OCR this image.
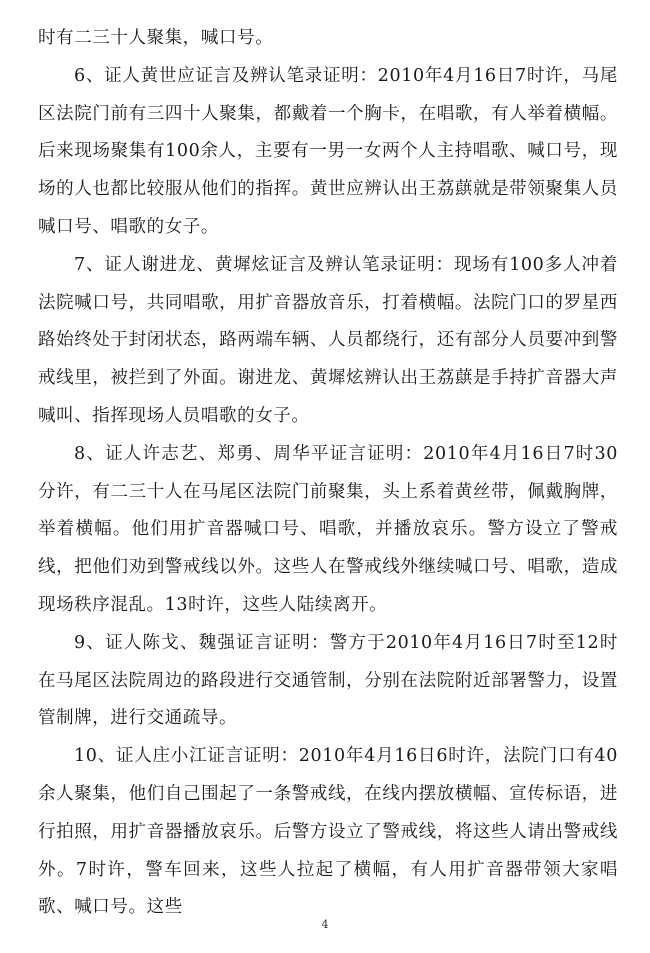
时有二三十人聚集，喊口号。

6、证人黄世应证言及辨认笔录证明：2010年4月16日7时许，马尾区法院门前有三四十人聚集，都戴着一个胸卡，在唱歌，有人举着横幅。后来现场聚集有100余人，主要有一男一女两个人主持唱歌、喊口号，现场的人也都比较服从他们的指挥。黄世应辨认出王荔蕻就是带领聚集人员喊口号、唱歌的女子。

7、证人谢进龙、黄墀炫证言及辨认笔录证明：现场有100多人冲着法院喊口号，共同唱歌，用扩音器放音乐，打着横幅。法院门口的罗星西路始终处于封闭状态，路两端车辆、人员都绕行，还有部分人员要冲到警戒线里，被拦到了外面。谢进龙、黄墀炫辨认出王荔蕻是手持扩音器大声喊叫、指挥现场人员唱歌的女子。

8、证人许志艺、郑勇、周华平证言证明：2010年4月16日7时30分许，有二三十人在马尾区法院门前聚集，头上系着黄丝带，佩戴胸牌，举着横幅。他们用扩音器喊口号、唱歌，并播放哀乐。警方设立了警戒线，把他们劝到警戒线以外。这些人在警戒线外继续喊口号、唱歌，造成现场秩序混乱。13时许，这些人陆续离开。

9、证人陈戈、魏强证言证明：警方于2010年4月16日7时至12时在马尾区法院周边的路段进行交通管制，分别在法院附近部署警力，设置管制牌，进行交通疏导。

10、证人庄小江证言证明：2010年4月16日6时许，法院门口有40余人聚集，他们自己围起了一条警戒线，在线内摆放横幅、宣传标语，进行拍照，用扩音器播放哀乐。后警方设立了警戒线，将这些人请出警戒线外。7时许，警车回来，这些人拉起了横幅，有人用扩音器带领大家唱歌、喊口号。这些

4
